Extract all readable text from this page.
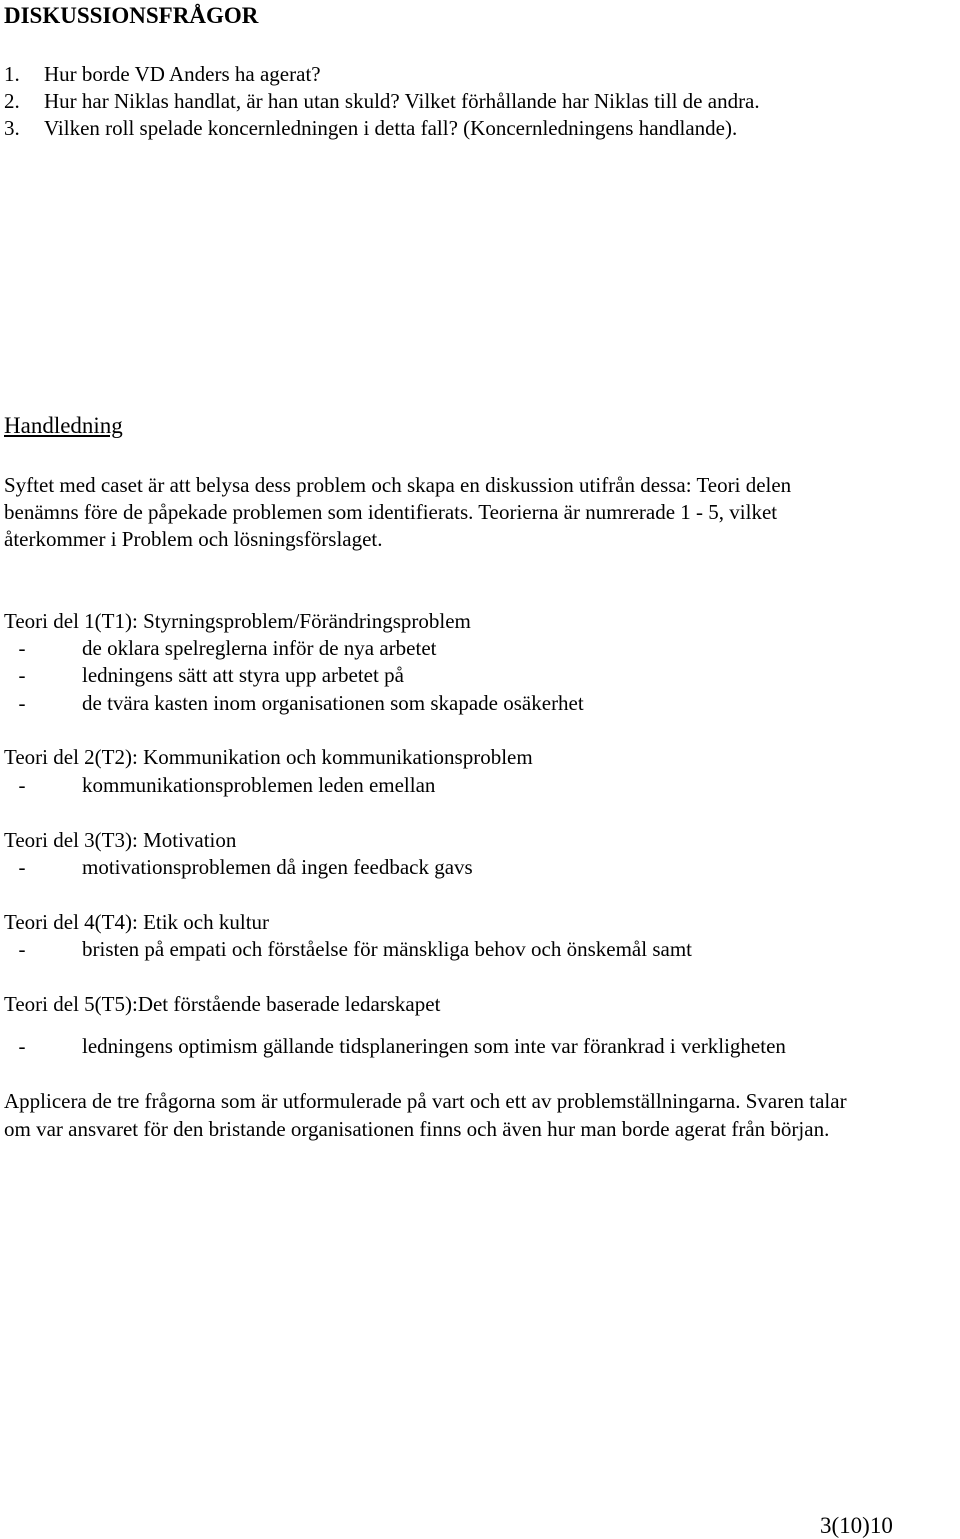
DISKUSSIONSFRÅGOR
1. Hur borde VD Anders ha agerat?
2. Hur har Niklas handlat, är han utan skuld? Vilket förhållande har Niklas till de andra.
3. Vilken roll spelade koncernledningen i detta fall? (Koncernledningens handlande).
Handledning
Syftet med caset är att belysa dess problem och skapa en diskussion utifrån dessa: Teori delen
benämns före de påpekade problemen som identifierats. Teorierna är numrerade 1 - 5, vilket
återkommer i Problem och lösningsförslaget.
Teori del 1(T1): Styrningsproblem/Förändringsproblem
-	de oklara spelreglerna inför de nya arbetet
-	ledningens sätt att styra upp arbetet på
-	de tvära kasten inom organisationen som skapade osäkerhet
Teori del 2(T2): Kommunikation och kommunikationsproblem
-	kommunikationsproblemen leden emellan
Teori del 3(T3): Motivation
-	motivationsproblemen då ingen feedback gavs
Teori del 4(T4): Etik och kultur
-	bristen på empati och förståelse för mänskliga behov och önskemål samt
Teori del 5(T5):Det förstående baserade ledarskapet
-	ledningens optimism gällande tidsplaneringen som inte var förankrad i verkligheten
Applicera de tre frågorna som är utformulerade på vart och ett av problemställningarna. Svaren talar
om var ansvaret för den bristande organisationen finns och även hur man borde agerat från början.
3(10)10
